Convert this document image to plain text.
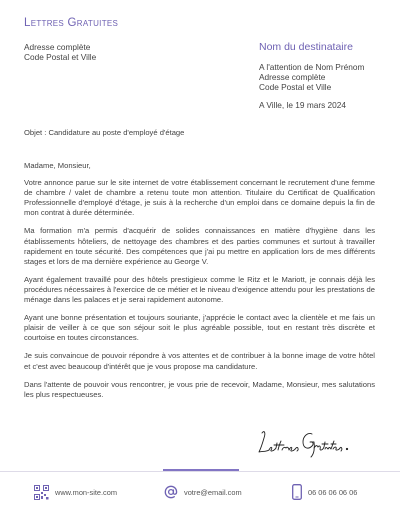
Lettres Gratuites
Adresse complète
Code Postal et Ville
Nom du destinataire
A l'attention de Nom Prénom
Adresse complète
Code Postal et Ville
A Ville, le 19 mars 2024
Objet : Candidature au poste d'employé d'étage

Madame, Monsieur,

Votre annonce parue sur le site internet de votre établissement concernant le recrutement d'une femme de chambre / valet de chambre a retenu toute mon attention. Titulaire du Certificat de Qualification Professionnelle d'employé d'étage, je suis à la recherche d'un emploi dans ce domaine depuis la fin de mon contrat à durée déterminée.

Ma formation m'a permis d'acquérir de solides connaissances en matière d'hygiène dans les établissements hôteliers, de nettoyage des chambres et des parties communes et surtout à travailler rapidement en toute sécurité. Des compétences que j'ai pu mettre en application lors de mes différents stages et lors de ma dernière expérience au George V.

Ayant également travaillé pour des hôtels prestigieux comme le Ritz et le Mariott, je connais déjà les procédures nécessaires à l'exercice de ce métier et le niveau d'exigence attendu pour les prestations de ménage dans les palaces et je serai rapidement autonome.

Ayant une bonne présentation et toujours souriante, j'apprécie le contact avec la clientèle et me fais un plaisir de veiller à ce que son séjour soit le plus agréable possible, tout en restant très discrète et courtoise en toutes circonstances.

Je suis convaincue de pouvoir répondre à vos attentes et de contribuer à la bonne image de votre hôtel et c'est avec beaucoup d'intérêt que je vous propose ma candidature.

Dans l'attente de pouvoir vous rencontrer, je vous prie de recevoir, Madame, Monsieur, mes salutations les plus respectueuses.

www.mon-site.com	votre@email.com	06 06 06 06 06
